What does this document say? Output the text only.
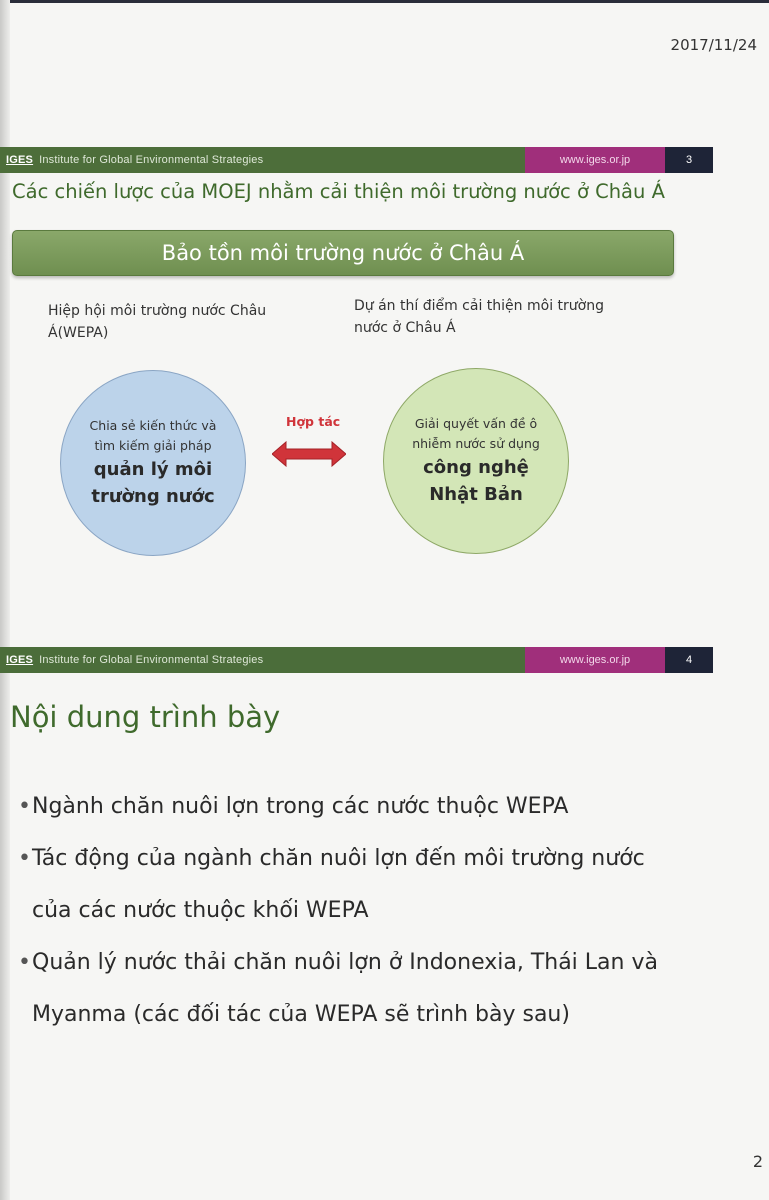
2017/11/24
IGES Institute for Global Environmental Strategies	www.iges.or.jp	3
Các chiến lược của MOEJ nhằm cải thiện môi trường nước ở Châu Á
Bảo tồn môi trường nước ở Châu Á
Hiệp hội môi trường nước Châu
Á(WEPA)
Dự án thí điểm cải thiện môi trường
nước ở Châu Á
Chia sẻ kiến thức và
tìm kiếm giải pháp
quản lý môi
trường nước
Hợp tác	Giải quyết vấn đề ô
nhiễm nước sử dụng
công nghệ
Nhật Bản
IGES Institute for Global Environmental Strategies	www.iges.or.jp	4
Nội dung trình bày
• Ngành chăn nuôi lợn trong các nước thuộc WEPA
• Tác động của ngành chăn nuôi lợn đến môi trường nước
của các nước thuộc khối WEPA
• Quản lý nước thải chăn nuôi lợn ở Indonexia, Thái Lan và
Myanma (các đối tác của WEPA sẽ trình bày sau)
2
